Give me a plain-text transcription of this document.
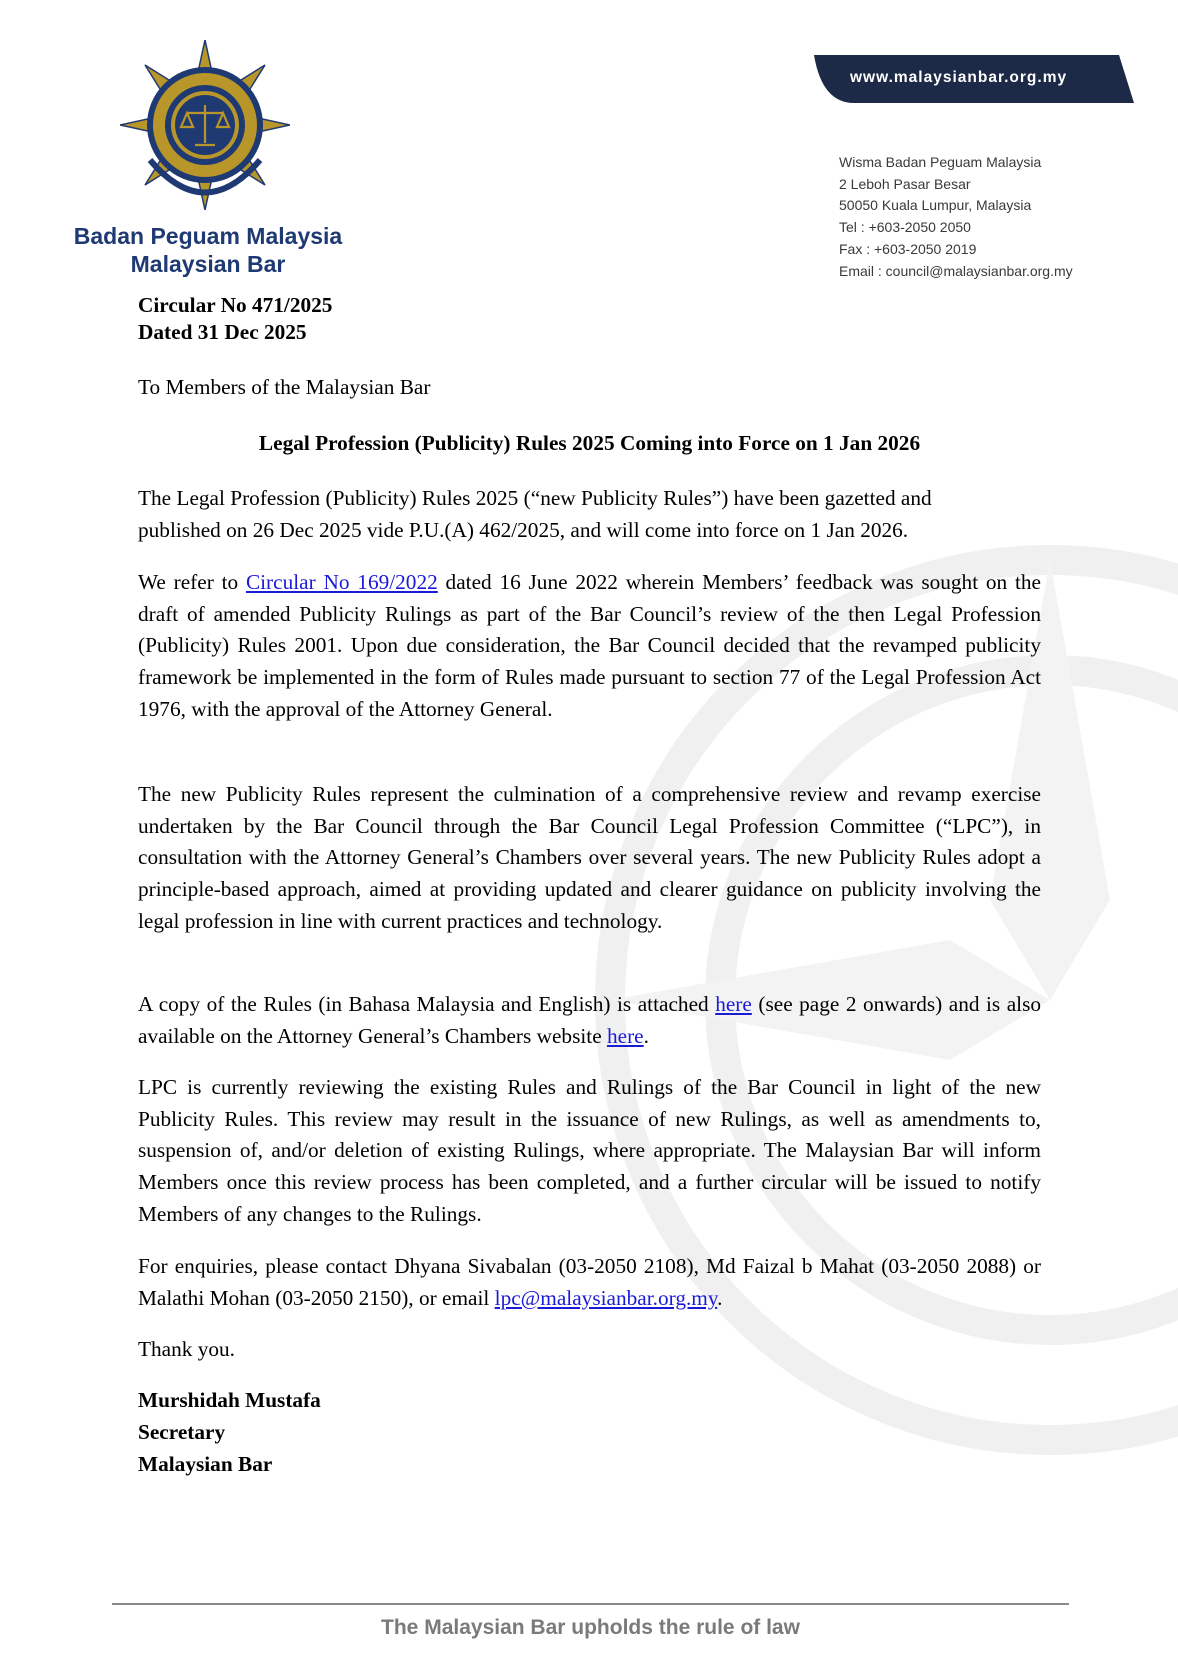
Badan Peguam Malaysia
Malaysian Bar
www.malaysianbar.org.my
Wisma Badan Peguam Malaysia
2 Leboh Pasar Besar
50050 Kuala Lumpur, Malaysia
Tel : +603-2050 2050
Fax : +603-2050 2019
Email : council@malaysianbar.org.my
Circular No 471/2025
Dated 31 Dec 2025
To Members of the Malaysian Bar
Legal Profession (Publicity) Rules 2025 Coming into Force on 1 Jan 2026
The Legal Profession (Publicity) Rules 2025 (“new Publicity Rules”) have been gazetted and
published on 26 Dec 2025 vide P.U.(A) 462/2025, and will come into force on 1 Jan 2026.
We refer to Circular No 169/2022 dated 16 June 2022 wherein Members’ feedback was sought on the draft of amended Publicity Rulings as part of the Bar Council’s review of the then Legal Profession (Publicity) Rules 2001. Upon due consideration, the Bar Council decided that the revamped publicity framework be implemented in the form of Rules made pursuant to section 77 of the Legal Profession Act 1976, with the approval of the Attorney General.
The new Publicity Rules represent the culmination of a comprehensive review and revamp exercise undertaken by the Bar Council through the Bar Council Legal Profession Committee (“LPC”), in consultation with the Attorney General’s Chambers over several years. The new Publicity Rules adopt a principle-based approach, aimed at providing updated and clearer guidance on publicity involving the legal profession in line with current practices and technology.
A copy of the Rules (in Bahasa Malaysia and English) is attached here (see page 2 onwards) and is also available on the Attorney General’s Chambers website here.
LPC is currently reviewing the existing Rules and Rulings of the Bar Council in light of the new Publicity Rules. This review may result in the issuance of new Rulings, as well as amendments to, suspension of, and/or deletion of existing Rulings, where appropriate. The Malaysian Bar will inform Members once this review process has been completed, and a further circular will be issued to notify Members of any changes to the Rulings.
For enquiries, please contact Dhyana Sivabalan (03-2050 2108), Md Faizal b Mahat (03-2050 2088) or Malathi Mohan (03-2050 2150), or email lpc@malaysianbar.org.my.
Thank you.
Murshidah Mustafa
Secretary
Malaysian Bar
The Malaysian Bar upholds the rule of law
